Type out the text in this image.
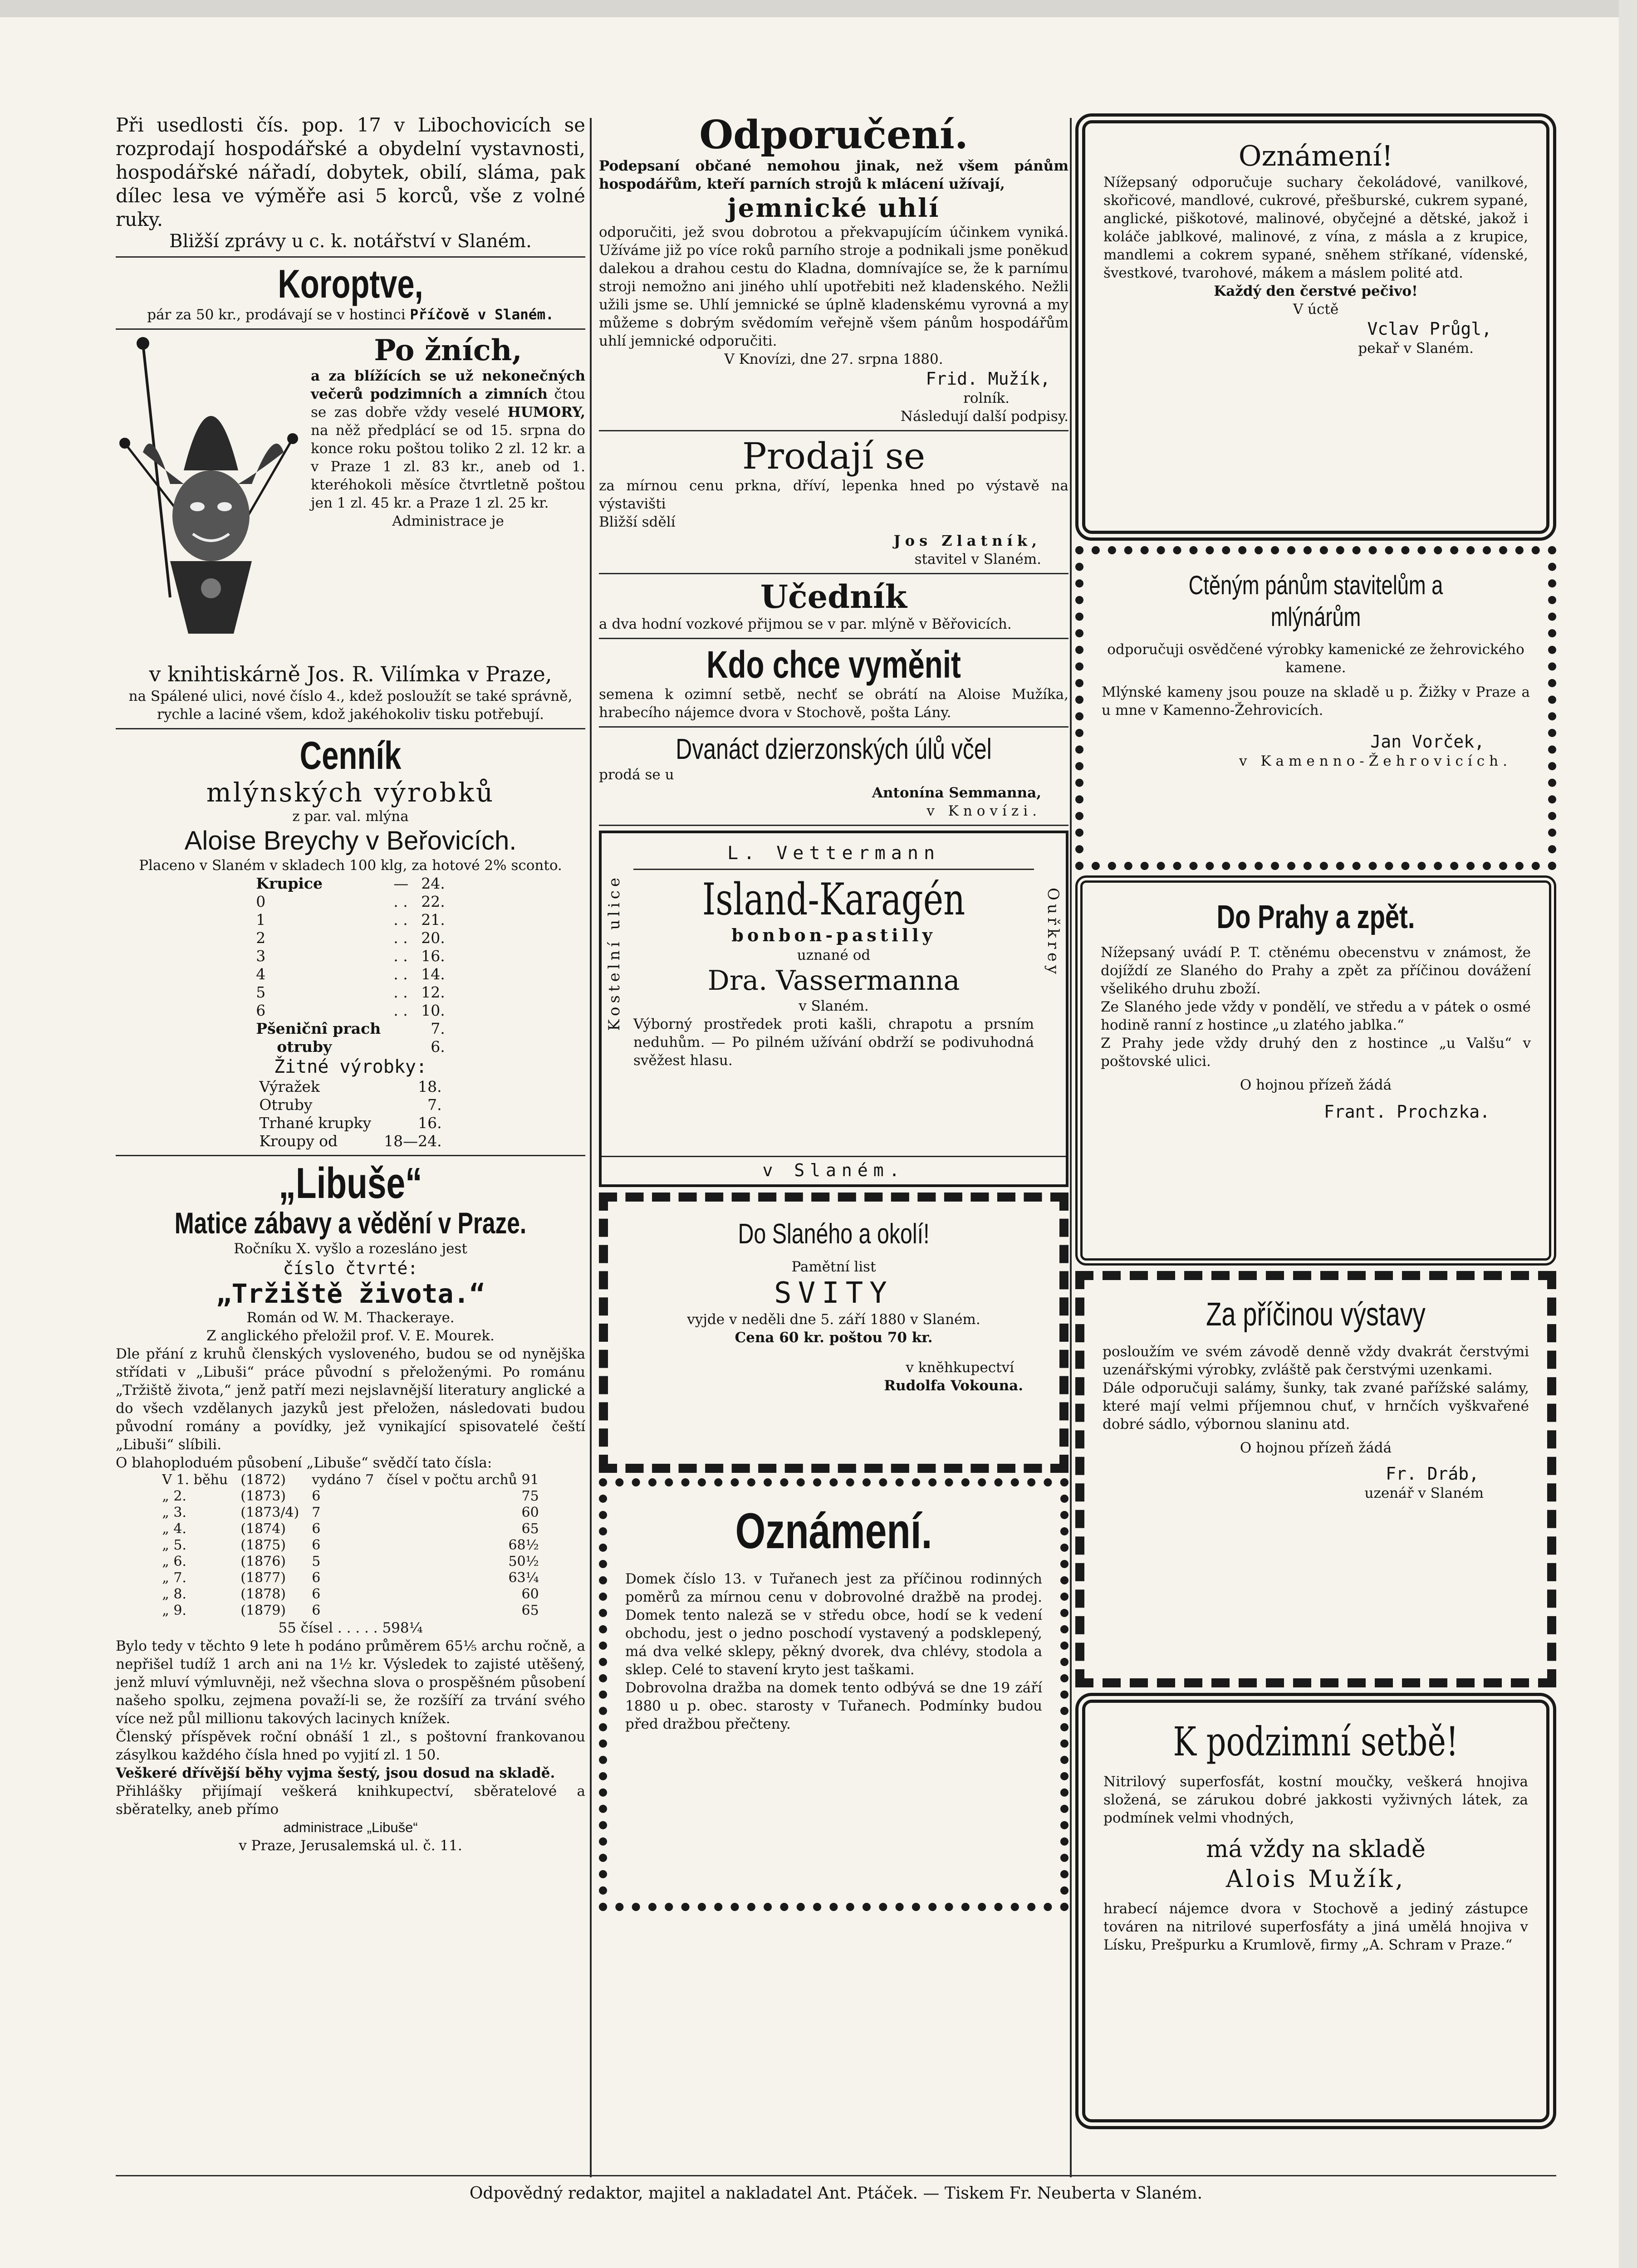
Při usedlosti čís. pop. 17 v Libochovicích se rozprodají hospodářské a obydelní vystavnosti, hospodářské nářadí, dobytek, obilí, sláma, pak díleс lesa ve výměře asi 5 korců, vše z volné ruky.

Bližší zprávy u c. k. notářství v Slaném.

Koroptve,

pár za 50 kr., prodávají se v hostinci Příčově v Slaném.

Po žních,

a za blížících se už nekonečných večerů podzimních a zimních čtou se zas dobře vždy veselé HUMORY, na něž předplácí se od 15. srpna do konce roku poštou toliko 2 zl. 12 kr. a v Praze 1 zl. 83 kr., aneb od 1. kteréhokoli měsíce čtvrtletně poštou jen 1 zl. 45 kr. a Praze 1 zl. 25 kr.

Administrace je

v knihtiskárně Jos. R. Vilímka v Praze,

na Spálené ulici, nové číslo 4., kdež posloužít se také správně, rychle a laciné všem, kdož jakéhokoliv tisku potřebují.

Cenník

mlýnských výrobků

z par. val. mlýna

Aloise Breychy v Beřovicích.

Placeno v Slaném v skladech 100 klg, za hotové 2% sconto.

Krupice	—	24.
0	. .	22.
1	. .	21.
2	. .	20.
3	. .	16.
4	. .	14.
5	. .	12.
6	. .	10.
Pšeničnî prach		7.
otruby		6.

Žitné výrobky:

Výražek	18.
Otruby	7.
Trhané krupky	16.
Kroupy od	18—24.
„Libuše“
Matice zábavy a vědění v Praze.

Ročníku X. vyšlo a rozesláno jest

číslo čtvrté:

„Tržiště života.“

Román od W. M. Thackeraye.

Z anglického přeložil prof. V. E. Mourek.

Dle přání z kruhů členských vysloveného, budou se od nynějška střídati v „Libuši“ práce původní s přeloženými. Po románu „Tržiště života,“ jenž patří mezi nejslavnější literatury anglické a do všech vzdělanych jazyků jest přeložen, následovati budou původní romány a povídky, jež vynikající spisovatelé čeští „Libuši“ slíbili.

O blahoploduém působení „Libuše“ svědčí tato čísla:

V 1. běhu	(1872)	vydáno 7	čísel v počtu archů 91
„ 2.	(1873)	6	75
„ 3.	(1873/4)	7	60
„ 4.	(1874)	6	65
„ 5.	(1875)	6	68½
„ 6.	(1876)	5	50½
„ 7.	(1877)	6	63¼
„ 8.	(1878)	6	60
„ 9.	(1879)	6	65

55 čísel . . . . . 598¼

Bylo tedy v těchto 9 lete h podáno průměrem 65⅕ archu ročně, a nepřišel tudíž 1 arch ani na 1½ kr. Výsledek to zajisté utěšený, jenž mluví výmluvněji, než všechna slova o prospěšném působení našeho spolku, zejmena považí-li se, že rozšíří za trvání svého více než půl millionu takových lacinych knížek.

Členský příspěvek roční obnáší 1 zl., s poštovní frankovanou zásylkou každého čísla hned po vyjití zl. 1 50.

Veškeré dřívější běhy vyjma šestý, jsou dosud na skladě.

Přihlášky přijímají veškerá knihkupectví, sběratelové a sběratelky, aneb přímo

administrace „Libuše“

v Praze, Jerusalemská ul. č. 11.

Odporučení.

Podepsaní občané nemohou jinak, než všem pánům hospodářům, kteří parních strojů k mlácení užívají,

jemnické uhlí

odporučiti, jež svou dobrotou a překvapujícím účinkem vyniká. Užíváme již po více roků parního stroje a podnikali jsme ponĕkud dalekou a drahou cestu do Kladna, domnívajíce se, že k parnímu stroji nemožno ani jiného uhlí upotřebiti než kladenského. Nežli užili jsme se. Uhlí jemnické se úplně kladenskému vyrovná a my můžeme s dobrým svědomím veřejně všem pánům hospodářům uhlí jemnické odporučiti.

V Knovízi, dne 27. srpna 1880.

Frid. Mužík,

rolník.

Následují další podpisy.

Prodají se

za mírnou cenu prkna, dříví, lepenka hned po výstavě na výstavišti

Bližší sdělí

Jos Zlatník,

stavitel v Slaném.

Učedník

a dva hodní vozkové přijmou se v par. mlýně v Běřovicích.

Kdo chce vyměnit

semena k ozimní setbě, nechť se obrátí na Aloise Mužíka, hrabecího nájemce dvora v Stochově, pošta Lány.

Dvanáct dzierzonských úlů včel

prodá se u

Antonína Semmanna,

v Knovízi.

L. Vettermann

Island-Karagén

bonbon-pastilly

uznané od

Dra. Vassermanna

v Slaném.

Výborný prostředek proti kašli, chrapotu a prsním neduhům. — Po pilném užívání obdrží se podivuhodná svěžest hlasu.

Kostelní ulice	Ouřkrey

v Slaném.

Do Slaného a okolí!

Pamětní list

SVITY

vyjde v neděli dne 5. září 1880 v Slaném.

Cena 60 kr. poštou 70 kr.

v knĕhkupectví

Rudolfa Vokouna.

Oznámení.

Domek číslo 13. v Tuřanech jest za příčinou rodinných poměrů za mírnou cenu v dobrovolné dražbě na prodej. Domek tento naleză se v středu obce, hodí se k vedení obchodu, jest o jedno poschodí vystavený a podsklepený, má dva velké sklepy, pěkný dvorek, dva chlévy, stodola a sklep. Celé to stavení kryto jest taškami.

Dobrovolna dražba na domek tento odbývá se dne 19 září 1880 u p. obec. starosty v Tuřanech. Podmínky budou před dražbou přečteny.

Oznámení!

Nížepsaný odporučuje suchary čekoládové, vanilkové, skořicové, mandlové, cukrové, přešburské, cukrem sypané, anglické, piškotové, malinové, obyčejné a dětské, jakož i koláče jablkové, malinové, z vína, z másla a z krupice, mandlemi a cokrem sypané, sněhem stříkané, vídenské, švestkové, tvarohové, mákem a máslem polité atd.

Každý den čerstvé pečivo!

V úctě

Vclav Průgl,

pekař v Slaném.

Ctěným pánům stavitelům a mlýnárům

odporučuji osvědčené výrobky kamenické ze žehrovického kamene.

Mlýnské kameny jsou pouze na skladě u p. Žižky v Praze a u mne v Kamenno-Žehrovicích.

Jan Vorček,

v Kamenno-Žehrovicích.

Do Prahy a zpět.

Nížepsaný uvádí P. T. ctěnému obecenstvu v známost, že dojíždí ze Slaného do Prahy a zpět za příčinou dovážení všelikého druhu zboží.

Ze Slaného jede vždy v pondělí, ve středu a v pátek o osmé hodině ranní z hostince „u zlatého jablka.“

Z Prahy jede vždy druhý den z hostince „u Valšu“ v poštovské ulici.

O hojnou přízeň žádá

Frant. Prochzka.

Za příčinou výstavy

posloužím ve svém závodě denně vždy dvakrát čerstvými uzenářskými výrobky, zvláště pak čerstvými uzenkami.

Dále odporučuji salámy, šunky, tak zvané pařížské salámy, které mají velmi příjemnou chuť, v hrnčích vyškvařené dobré sádlo, výbornou slaninu atd.

O hojnou přízeň žádá

Fr. Dráb,

uzenář v Slaném

K podzimní setbě!

Nitrilový superfosfát, kostní moučky, veškerá hnojiva složená, se zárukou dobré jakkosti vyživných látek, za podmínek velmi vhodných,

má vždy na skladě

Alois Mužík,

hrabecí nájemce dvora v Stochově a jediný zástupce továren na nitrilové superfosfáty a jiná umělá hnojiva v Lísku, Prešpurku a Krumlově, firmy „A. Schram v Praze.“

Odpovědný redaktor, majitel a nakladatel Ant. Ptáček. — Tiskem Fr. Neuberta v Slaném.
